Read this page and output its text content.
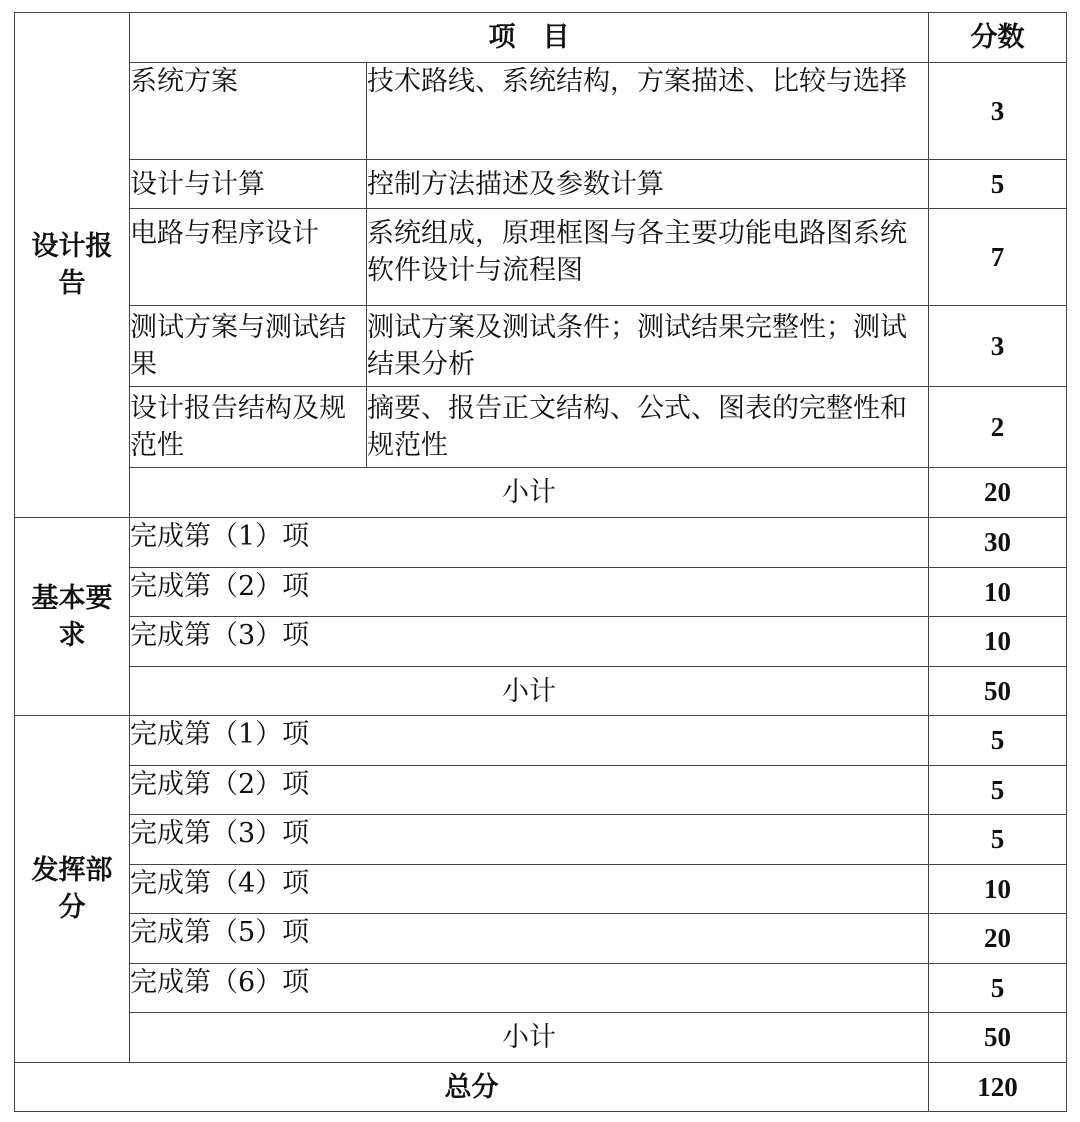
设计报告	项　目		分数
	系统方案	技术路线、系统结构，方案描述、比较与选择	3
	设计与计算	控制方法描述及参数计算	5
	电路与程序设计	系统组成，原理框图与各主要功能电路图系统软件设计与流程图	7
	测试方案与测试结果	测试方案及测试条件；测试结果完整性；测试结果分析	3
	设计报告结构及规范性	摘要、报告正文结构、公式、图表的完整性和规范性	2
	小计		20
基本要求	完成第（1）项		30
	完成第（2）项		10
	完成第（3）项		10
	小计		50
发挥部分	完成第（1）项		5
	完成第（2）项		5
	完成第（3）项		5
	完成第（4）项		10
	完成第（5）项		20
	完成第（6）项		5
	小计		50
总分			120
